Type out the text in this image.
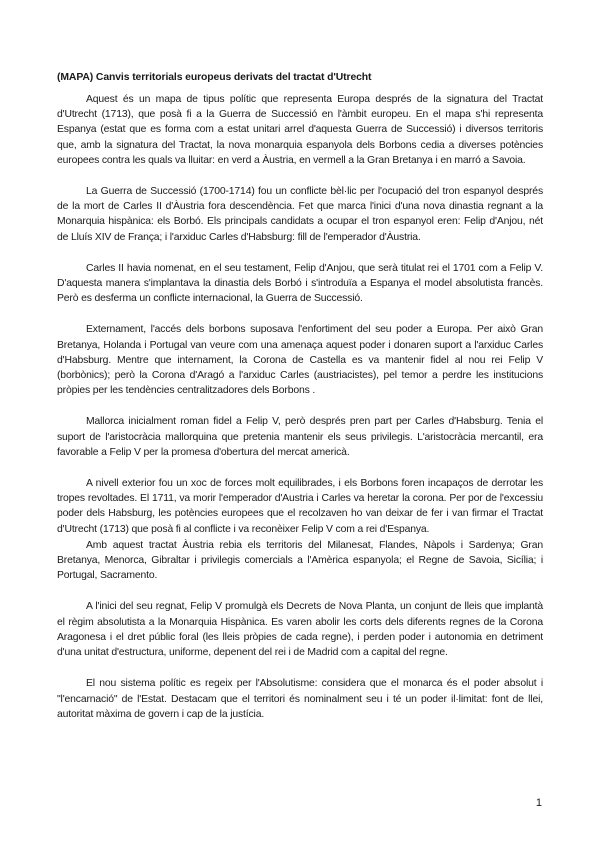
(MAPA) Canvis territorials europeus derivats del tractat d'Utrecht

Aquest és un mapa de tipus polític que representa Europa després de la signatura del Tractat d'Utrecht (1713), que posà fi a la Guerra de Successió en l'àmbit europeu. En el mapa s'hi representa Espanya (estat que es forma com a estat unitari arrel d'aquesta Guerra de Successió) i diversos territoris que, amb la signatura del Tractat, la nova monarquia espanyola dels Borbons cedia a diverses potències europees contra les quals va lluitar: en verd a Àustria, en vermell a la Gran Bretanya i en marró a Savoia.

La Guerra de Successió (1700-1714) fou un conflicte bèl·lic per l'ocupació del tron espanyol després de la mort de Carles II d'Àustria fora descendència. Fet que marca l'inici d'una nova dinastia regnant a la Monarquia hispànica: els Borbó. Els principals candidats a ocupar el tron espanyol eren: Felip d'Anjou, nét de Lluís XIV de França; i l'arxiduc Carles d'Habsburg: fill de l'emperador d'Àustria.

Carles II havia nomenat, en el seu testament, Felip d'Anjou, que serà titulat rei el 1701 com a Felip V. D'aquesta manera s'implantava la dinastia dels Borbó i s'introduïa a Espanya el model absolutista francès. Però es desferma un conflicte internacional, la Guerra de Successió.

Externament, l'accés dels borbons suposava l'enfortiment del seu poder a Europa. Per això Gran Bretanya, Holanda i Portugal van veure com una amenaça aquest poder i donaren suport a l'arxiduc Carles d'Habsburg. Mentre que internament, la Corona de Castella es va mantenir fidel al nou rei Felip V (borbònics); però la Corona d'Aragó a l'arxiduc Carles (austriacistes), pel temor a perdre les institucions pròpies per les tendències centralitzadores dels Borbons .

Mallorca inicialment roman fidel a Felip V, però després pren part per Carles d'Habsburg. Tenia el suport de l'aristocràcia mallorquina que pretenia mantenir els seus privilegis. L'aristocràcia mercantil, era favorable a Felip V per la promesa d'obertura del mercat americà.

A nivell exterior fou un xoc de forces molt equilibrades, i els Borbons foren incapaços de derrotar les tropes revoltades. El 1711, va morir l'emperador d'Austria i Carles va heretar la corona. Per por de l'excessiu poder dels Habsburg, les potències europees que el recolzaven ho van deixar de fer i van firmar el Tractat d'Utrecht (1713) que posà fi al conflicte i va reconèixer Felip V com a rei d'Espanya.

Amb aquest tractat Àustria rebia els territoris del Milanesat, Flandes, Nàpols i Sardenya; Gran Bretanya, Menorca, Gibraltar i privilegis comercials a l'Amèrica espanyola; el Regne de Savoia, Sicília; i Portugal, Sacramento.

A l'inici del seu regnat, Felip V promulgà els Decrets de Nova Planta, un conjunt de lleis que implantà el règim absolutista a la Monarquia Hispànica. Es varen abolir les corts dels diferents regnes de la Corona Aragonesa i el dret públic foral (les lleis pròpies de cada regne), i perden poder i autonomia en detriment d'una unitat d'estructura, uniforme, depenent del rei i de Madrid com a capital del regne.

El nou sistema polític es regeix per l'Absolutisme: considera que el monarca és el poder absolut i "l'encarnació" de l'Estat. Destacam que el territori és nominalment seu i té un poder il·limitat: font de llei, autoritat màxima de govern i cap de la justícia.

1
